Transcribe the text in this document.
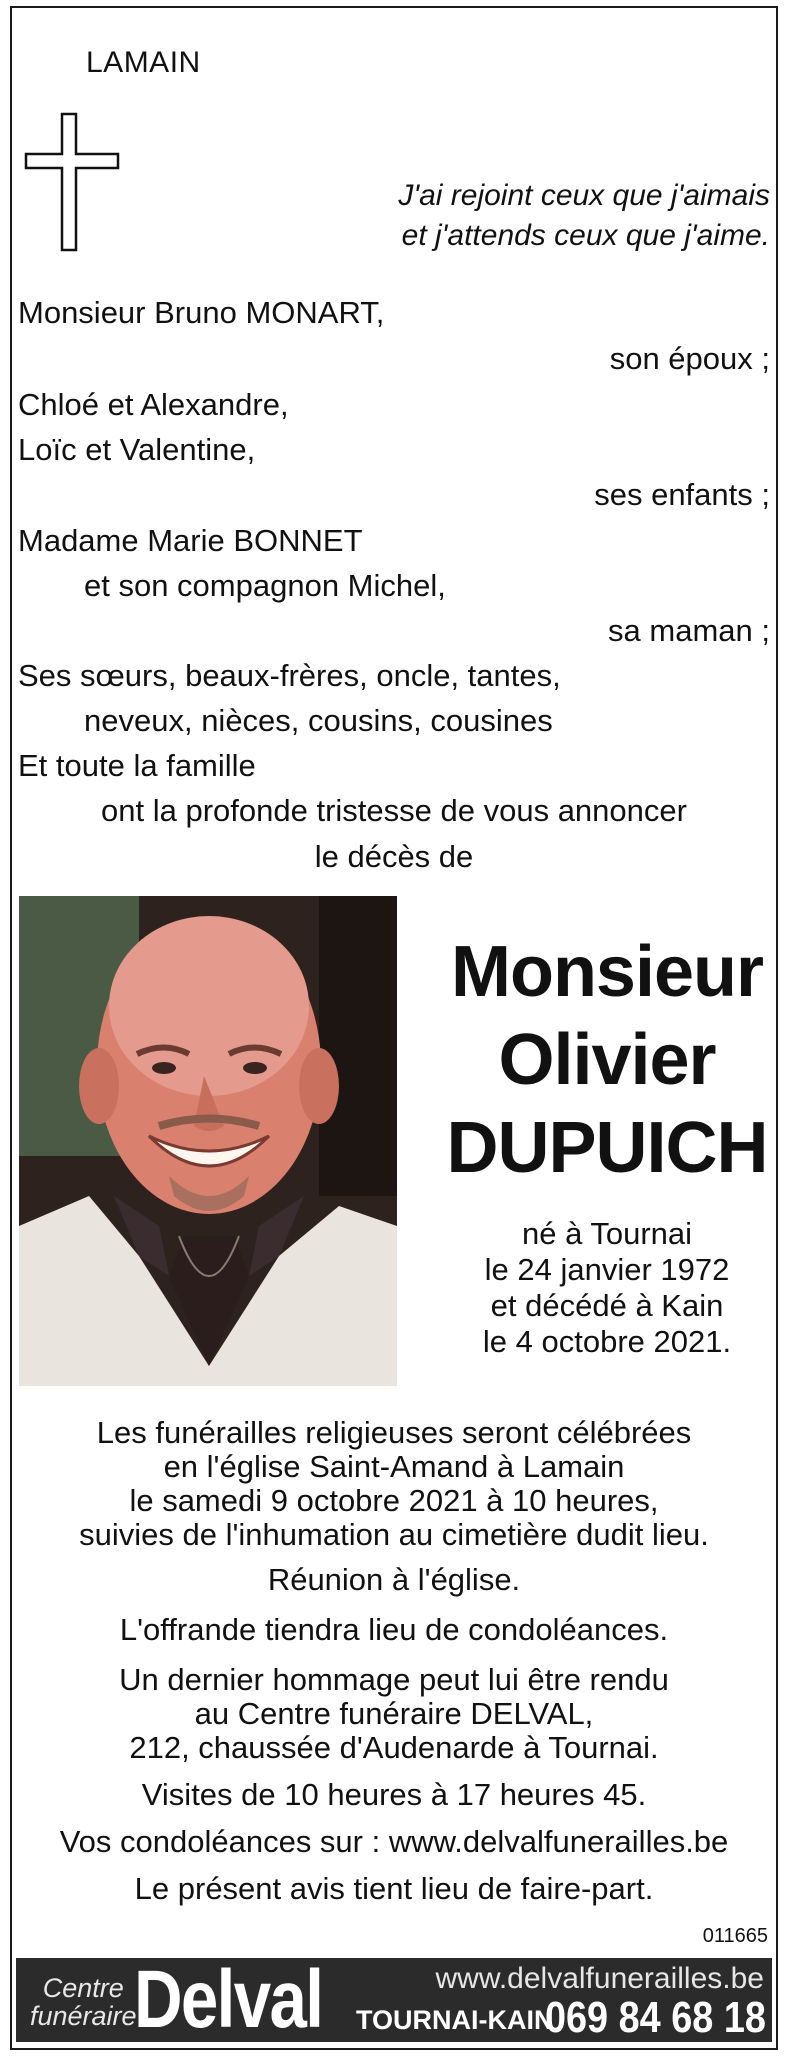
LAMAIN
J'ai rejoint ceux que j'aimais
et j'attends ceux que j'aime.
Monsieur Bruno MONART,
son époux ;
Chloé et Alexandre,
Loïc et Valentine,
ses enfants ;
Madame Marie BONNET
et son compagnon Michel,
sa maman ;
Ses sœurs, beaux-frères, oncle, tantes,
neveux, nièces, cousins, cousines
Et toute la famille
ont la profonde tristesse de vous annoncer
le décès de
Monsieur
Olivier
DUPUICH
né à Tournai
le 24 janvier 1972
et décédé à Kain
le 4 octobre 2021.
Les funérailles religieuses seront célébrées
en l'église Saint-Amand à Lamain
le samedi 9 octobre 2021 à 10 heures,
suivies de l'inhumation au cimetière dudit lieu.
Réunion à l'église.
L'offrande tiendra lieu de condoléances.
Un dernier hommage peut lui être rendu
au Centre funéraire DELVAL,
212, chaussée d'Audenarde à Tournai.
Visites de 10 heures à 17 heures 45.
Vos condoléances sur : www.delvalfunerailles.be
Le présent avis tient lieu de faire-part.
011665
Centre
funéraire
Delval	www.delvalfunerailles.be
TOURNAI-KAIN
069 84 68 18
